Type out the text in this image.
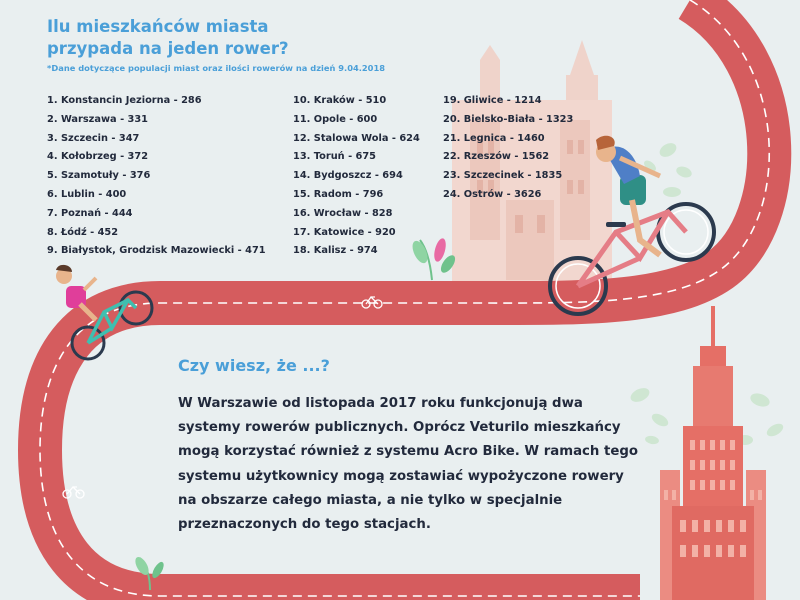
Ilu mieszkańców miasta
przypada na jeden rower?
*Dane dotyczące populacji miast oraz ilości rowerów na dzień 9.04.2018
1. Konstancin Jeziorna - 286
2. Warszawa - 331
3. Szczecin - 347
4. Kołobrzeg - 372
5. Szamotuły - 376
6. Lublin - 400
7. Poznań - 444
8. Łódź - 452
9. Białystok, Grodzisk Mazowiecki - 471
10. Kraków - 510
11. Opole - 600
12. Stalowa Wola - 624
13. Toruń - 675
14. Bydgoszcz - 694
15. Radom - 796
16. Wrocław - 828
17. Katowice - 920
18. Kalisz - 974
19. Gliwice - 1214
20. Bielsko-Biała - 1323
21. Legnica - 1460
22. Rzeszów - 1562
23. Szczecinek - 1835
24. Ostrów - 3626
Czy wiesz, że ...?
W Warszawie od listopada 2017 roku funkcjonują dwa
systemy rowerów publicznych. Oprócz Veturilo mieszkańcy
mogą korzystać również z systemu Acro Bike. W ramach tego
systemu użytkownicy mogą zostawiać wypożyczone rowery
na obszarze całego miasta, a nie tylko w specjalnie
przeznaczonych do tego stacjach.
